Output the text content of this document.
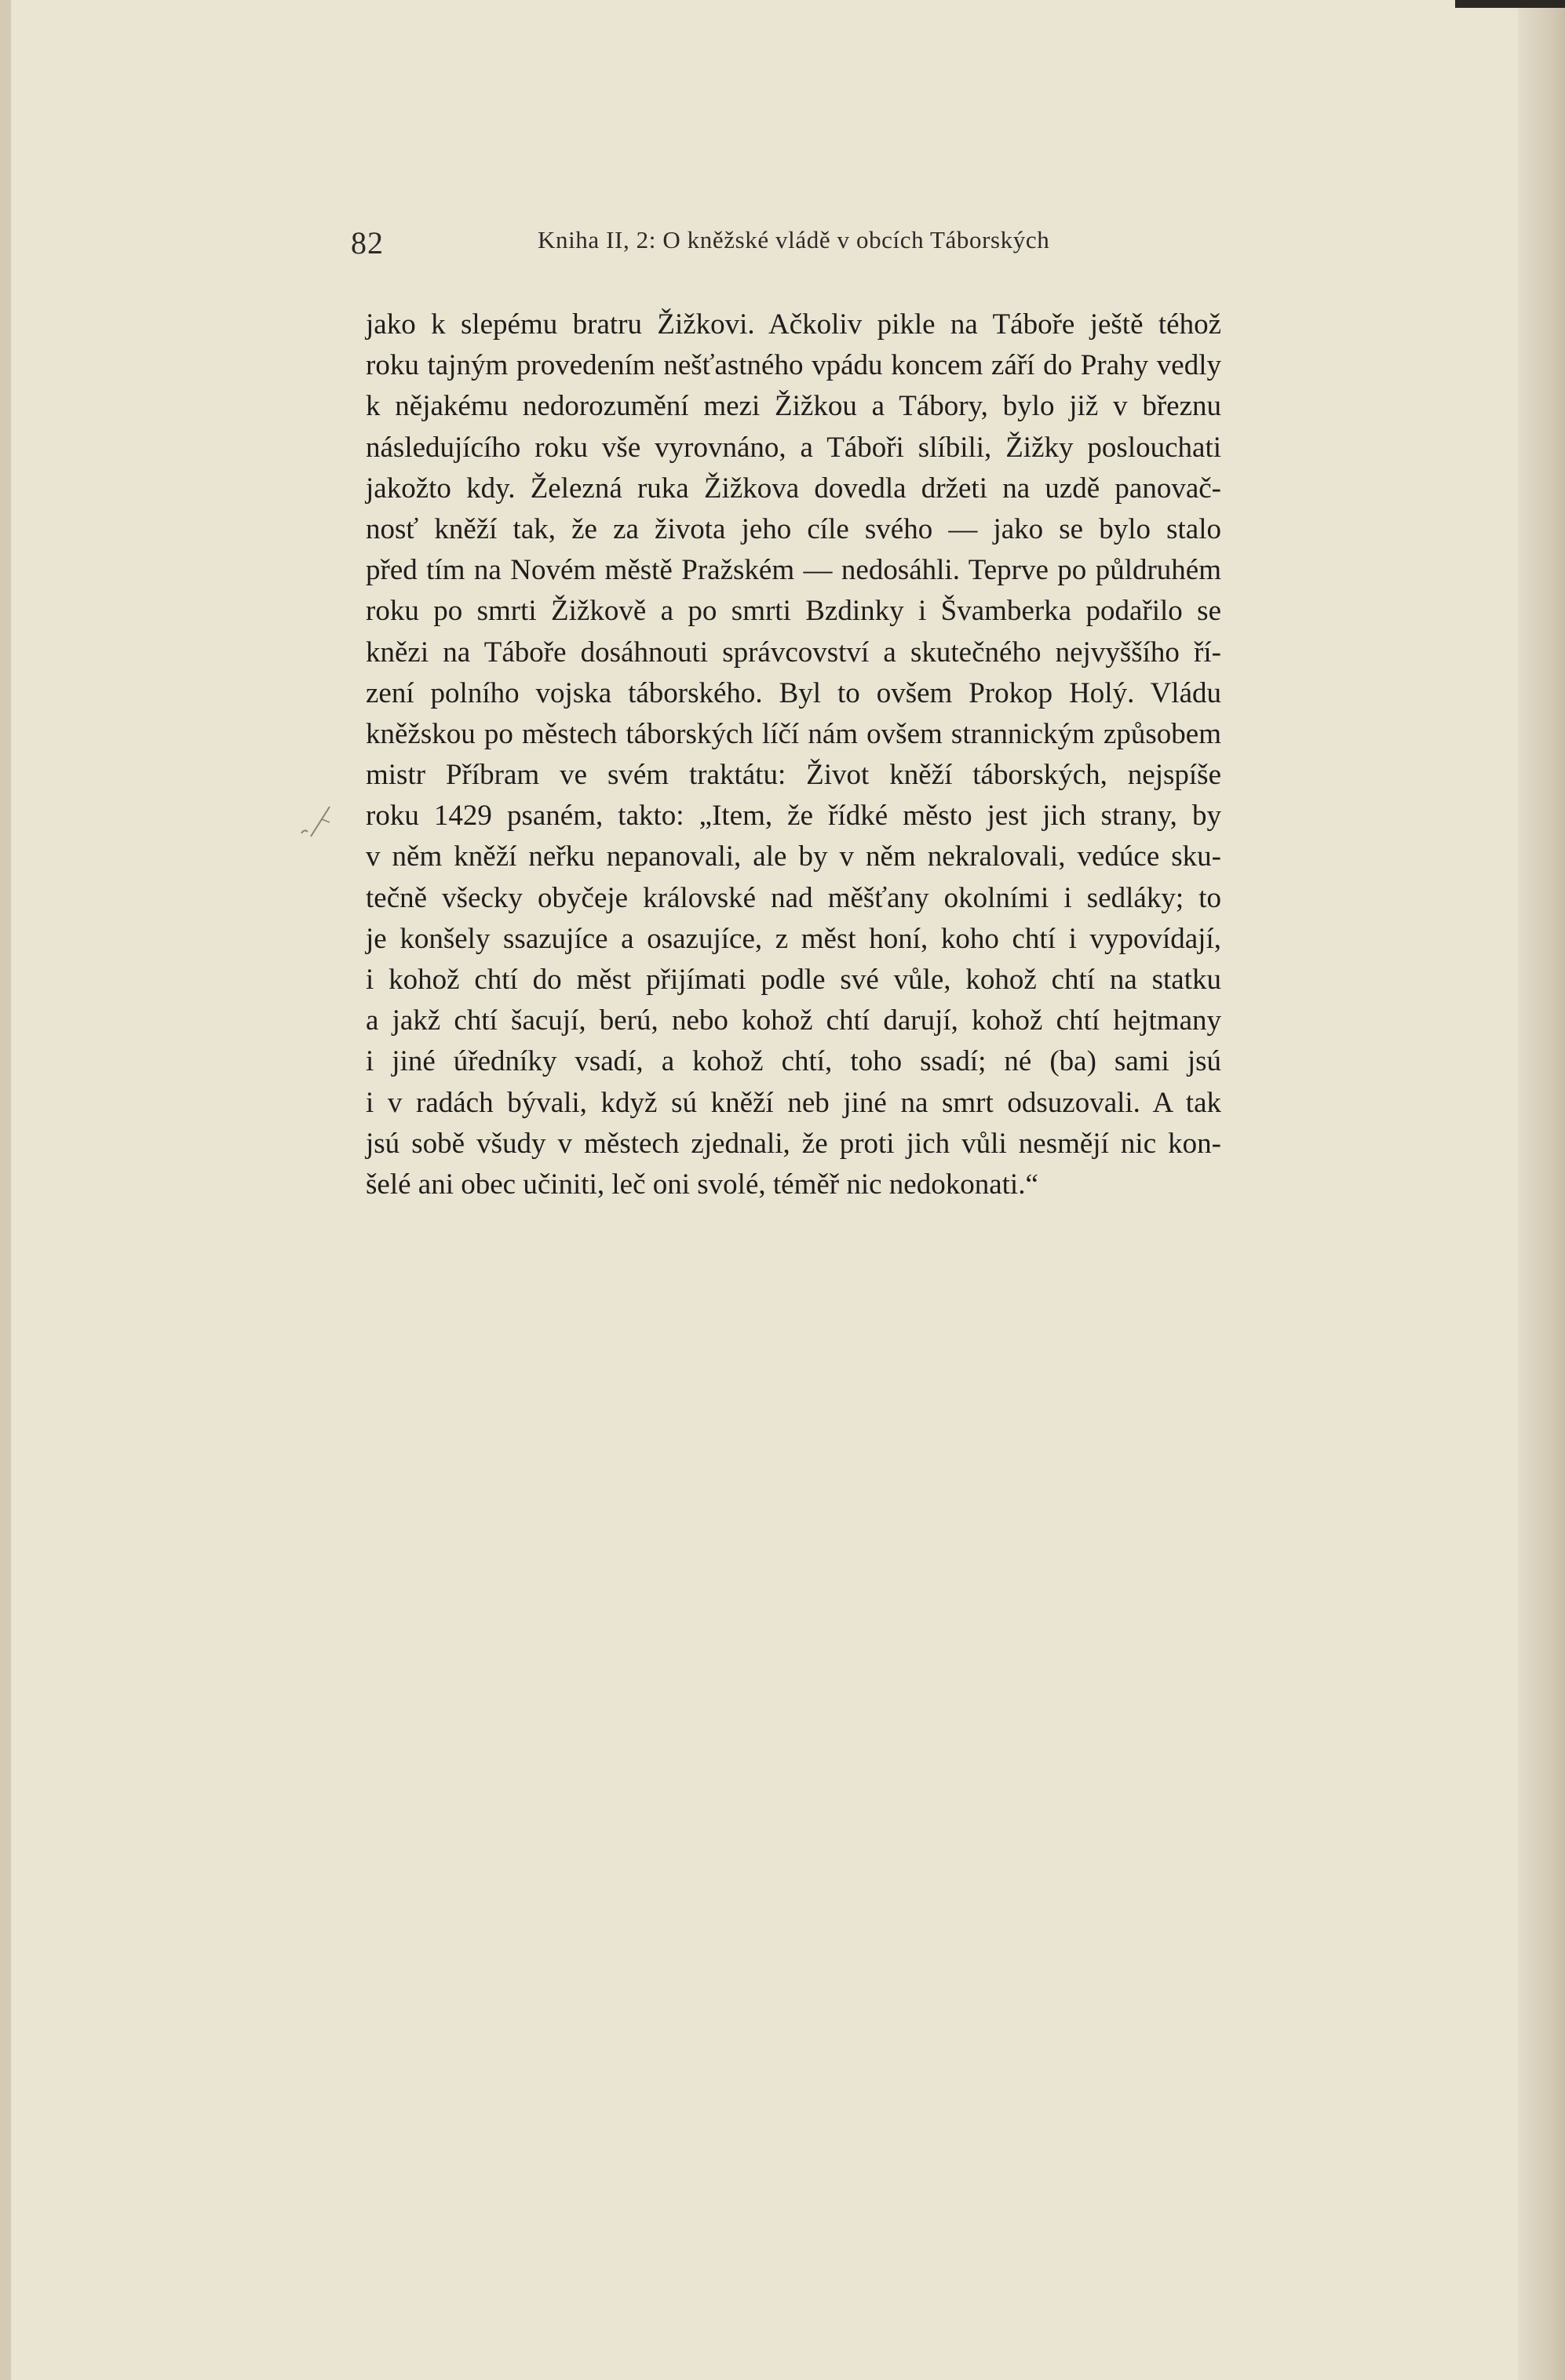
82	Kniha II, 2: O kněžské vládě v obcích Táborských
jako k slepému bratru Žižkovi. Ačkoliv pikle na Táboře ještě téhož
roku tajným provedením nešťastného vpádu koncem září do Prahy vedly
k nějakému nedorozumění mezi Žižkou a Tábory, bylo již v březnu
následujícího roku vše vyrovnáno, a Tábořі slíbili, Žižky poslouchati
jakožto kdy. Železná ruka Žižkova dovedla držeti na uzdě panovač-
nosť kněží tak, že za života jeho cíle svého — jako se bylo stalo
před tím na Novém městě Pražském — nedosáhli. Teprve po půldruhém
roku po smrti Žižkově a po smrti Bzdinky i Švamberka podařilo se
knězi na Táboře dosáhnouti správcovství a skutečného nejvyššího ří-
zení polního vojska táborského. Byl to ovšem Prokop Holý. Vládu
kněžskou po městech táborských líčí nám ovšem strannickým způsobem
mistr Příbram ve svém traktátu: Život kněží táborských, nejspíše
roku 1429 psaném, takto: „Item, že řídké město jest jich strany, by
v něm kněží neřku nepanovali, ale by v něm nekralovali, vedúce sku-
tečně všecky obyčeje královské nad měšťany okolními i sedláky; to
je konšely ssazujíce a osazujíce, z měst honí, koho chtí i vypovídají,
i kohož chtí do měst přijímati podle své vůle, kohož chtí na statku
a jakž chtí šacují, berú, nebo kohož chtí darují, kohož chtí hejtmany
i jiné úředníky vsadí, a kohož chtí, toho ssadí; né (ba) sami jsú
i v radách bývali, když sú kněží neb jiné na smrt odsuzovali. A tak
jsú sobě všudy v městech zjednali, že proti jich vůli nesmějí nic kon-
šelé ani obec učiniti, leč oni svolé, téměř nic nedokonati.“
